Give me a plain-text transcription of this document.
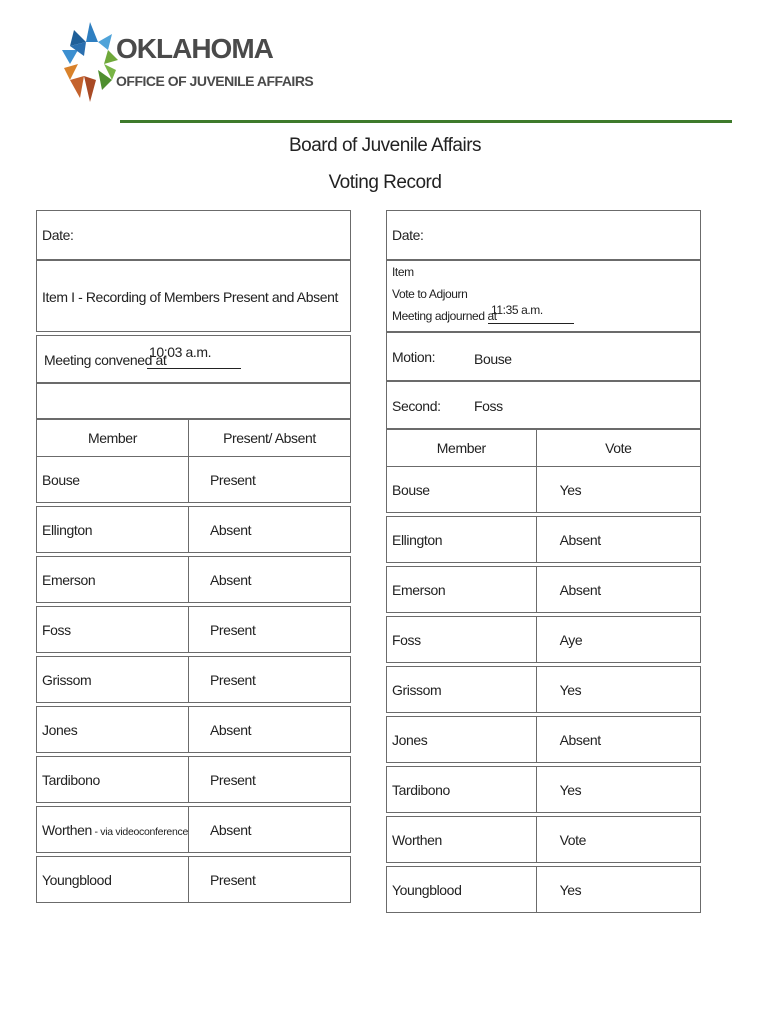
OKLAHOMA
OFFICE OF JUVENILE AFFAIRS
Board of Juvenile Affairs
Voting Record
Date:
Item I - Recording of Members Present and Absent
Meeting convened at
10:03 a.m.
Member	Present/ Absent
Bouse	Present

Ellington	Absent

Emerson	Absent

Foss	Present

Grissom	Present

Jones	Absent

Tardibono	Present

Worthen - via videoconference	Absent

Youngblood	Present
Date:
Item
Vote to Adjourn
Meeting adjourned at
11:35 a.m.
Motion:	Bouse
Second: Foss
Member	Vote
Bouse	Yes

Ellington	Absent

Emerson	Absent

Foss	Aye

Grissom	Yes

Jones	Absent

Tardibono	Yes

Worthen	Vote

Youngblood	Yes
